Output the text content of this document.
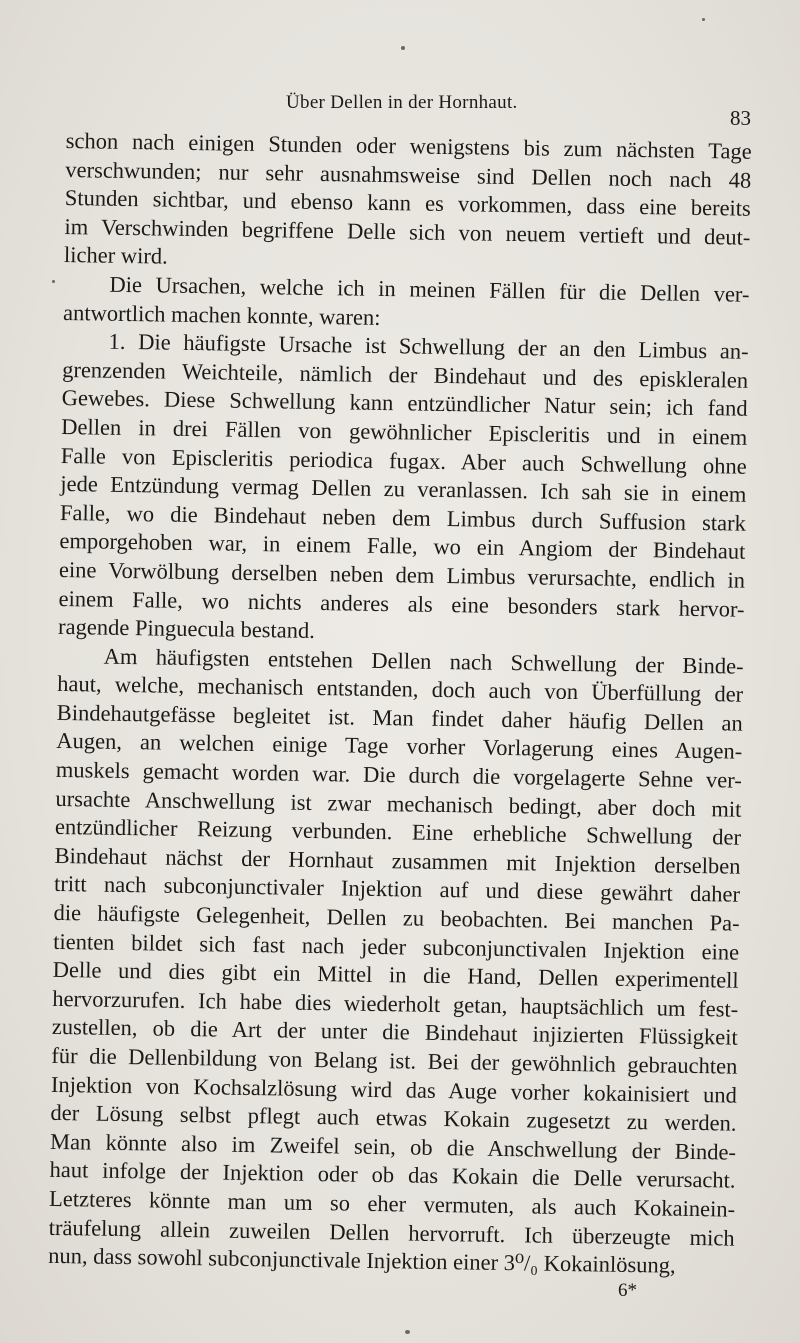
Über Dellen in der Hornhaut.
83
schon nach einigen Stunden oder wenigstens bis zum nächsten Tage
verschwunden; nur sehr ausnahmsweise sind Dellen noch nach 48
Stunden sichtbar, und ebenso kann es vorkommen, dass eine bereits
im Verschwinden begriffene Delle sich von neuem vertieft und deut-
licher wird.
Die Ursachen, welche ich in meinen Fällen für die Dellen ver-
antwortlich machen konnte, waren:
1. Die häufigste Ursache ist Schwellung der an den Limbus an-
grenzenden Weichteile, nämlich der Bindehaut und des episkleralen
Gewebes. Diese Schwellung kann entzündlicher Natur sein; ich fand
Dellen in drei Fällen von gewöhnlicher Episcleritis und in einem
Falle von Episcleritis periodica fugax. Aber auch Schwellung ohne
jede Entzündung vermag Dellen zu veranlassen. Ich sah sie in einem
Falle, wo die Bindehaut neben dem Limbus durch Suffusion stark
emporgehoben war, in einem Falle, wo ein Angiom der Bindehaut
eine Vorwölbung derselben neben dem Limbus verursachte, endlich in
einem Falle, wo nichts anderes als eine besonders stark hervor-
ragende Pinguecula bestand.
Am häufigsten entstehen Dellen nach Schwellung der Binde-
haut, welche, mechanisch entstanden, doch auch von Überfüllung der
Bindehautgefässe begleitet ist. Man findet daher häufig Dellen an
Augen, an welchen einige Tage vorher Vorlagerung eines Augen-
muskels gemacht worden war. Die durch die vorgelagerte Sehne ver-
ursachte Anschwellung ist zwar mechanisch bedingt, aber doch mit
entzündlicher Reizung verbunden. Eine erhebliche Schwellung der
Bindehaut nächst der Hornhaut zusammen mit Injektion derselben
tritt nach subconjunctivaler Injektion auf und diese gewährt daher
die häufigste Gelegenheit, Dellen zu beobachten. Bei manchen Pa-
tienten bildet sich fast nach jeder subconjunctivalen Injektion eine
Delle und dies gibt ein Mittel in die Hand, Dellen experimentell
hervorzurufen. Ich habe dies wiederholt getan, hauptsächlich um fest-
zustellen, ob die Art der unter die Bindehaut injizierten Flüssigkeit
für die Dellenbildung von Belang ist. Bei der gewöhnlich gebrauchten
Injektion von Kochsalzlösung wird das Auge vorher kokainisiert und
der Lösung selbst pflegt auch etwas Kokain zugesetzt zu werden.
Man könnte also im Zweifel sein, ob die Anschwellung der Binde-
haut infolge der Injektion oder ob das Kokain die Delle verursacht.
Letzteres könnte man um so eher vermuten, als auch Kokainein-
träufelung allein zuweilen Dellen hervorruft. Ich überzeugte mich
nun, dass sowohl subconjunctivale Injektion einer 3⁰/₀ Kokainlösung,
6*
